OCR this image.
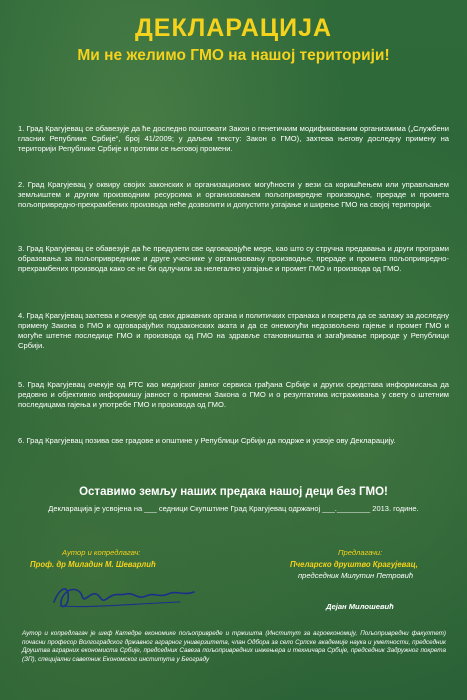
ДЕКЛАРАЦИЈА
Ми не желимо ГМО на нашој територији!

1. Град Крагујевац се обавезује да ће доследно поштовати Закон о генетичким модификованим организмима („Службени гласник Републике Србије“, број 41/2009; у даљем тексту: Закон о ГМО), захтева његову доследну примену на територији Републике Србије и противи се његовој промени.

2. Град Крагујевац у оквиру својих законских и организационих могућности у вези са коришћењем или управљањем земљиштем и другим производним ресурсима и организовањем пољопривредне производње, прераде и промета пољопривредно-прехрамбених производа неће дозволити и допустити узгајање и ширење ГМО на својој територији.

3. Град Крагујевац се обавезује да ће предузети све одговарајуће мере, као што су стручна предавања и други програми образовања за пољопривреднике и друге учеснике у организовању производње, прераде и промета пољопривредно-прехрамбених производа како се не би одлучили за нелегално узгајање и промет ГМО и производа од ГМО.

4. Град Крагујевац захтева и очекује од свих државних органа и политичких странака и покрета да се залажу за доследну примену Закона о ГМО и одговарајућих подзаконских аката и да се онемогући недозвољено гајење и промет ГМО и могуће штетне последице ГМО и производа од ГМО на здравље становништва и загађивање природе у Републици Србији.

5. Град Крагујевац очекује од РТС као медијског јавног сервиса грађана Србије и других средстава информисања да редовно и објективно информишу јавност о примени Закона о ГМО и о резултатима истраживања у свету о штетним последицама гајења и употребе ГМО и производа од ГМО.

6. Град Крагујевац позива све градове и општине у Републици Србији да подрже и усвоје ову Декларацију.

Оставимо земљу наших предака нашој деци без ГМО!
Декларација је усвојена на ___ седници Скупштине Град Крагујевац одржаној ___.________ 2013. године.
Аутор и копредлагач:
Проф. др Миладин М. Шеварлић
Предлагачи:
Пчеларско друштво Крагујевац,
председник Милутин Петровић
Дејан Милошевић
Аутор и копредлагач је шеф Катедре економике пољопривреде и тржишта (Институт за агроекономију, Пољопривредни факултет) почасни професор Волгоградског државног аграрног универзитета, члан Одбора за село Српске академије наука и уметности, председник Друштва аграрних економиста Србије, председник Савеза пољопривредних инжењера и техничара Србије, председник Задружног покрета (ЗП), специјални саветник Економског института у Београду
